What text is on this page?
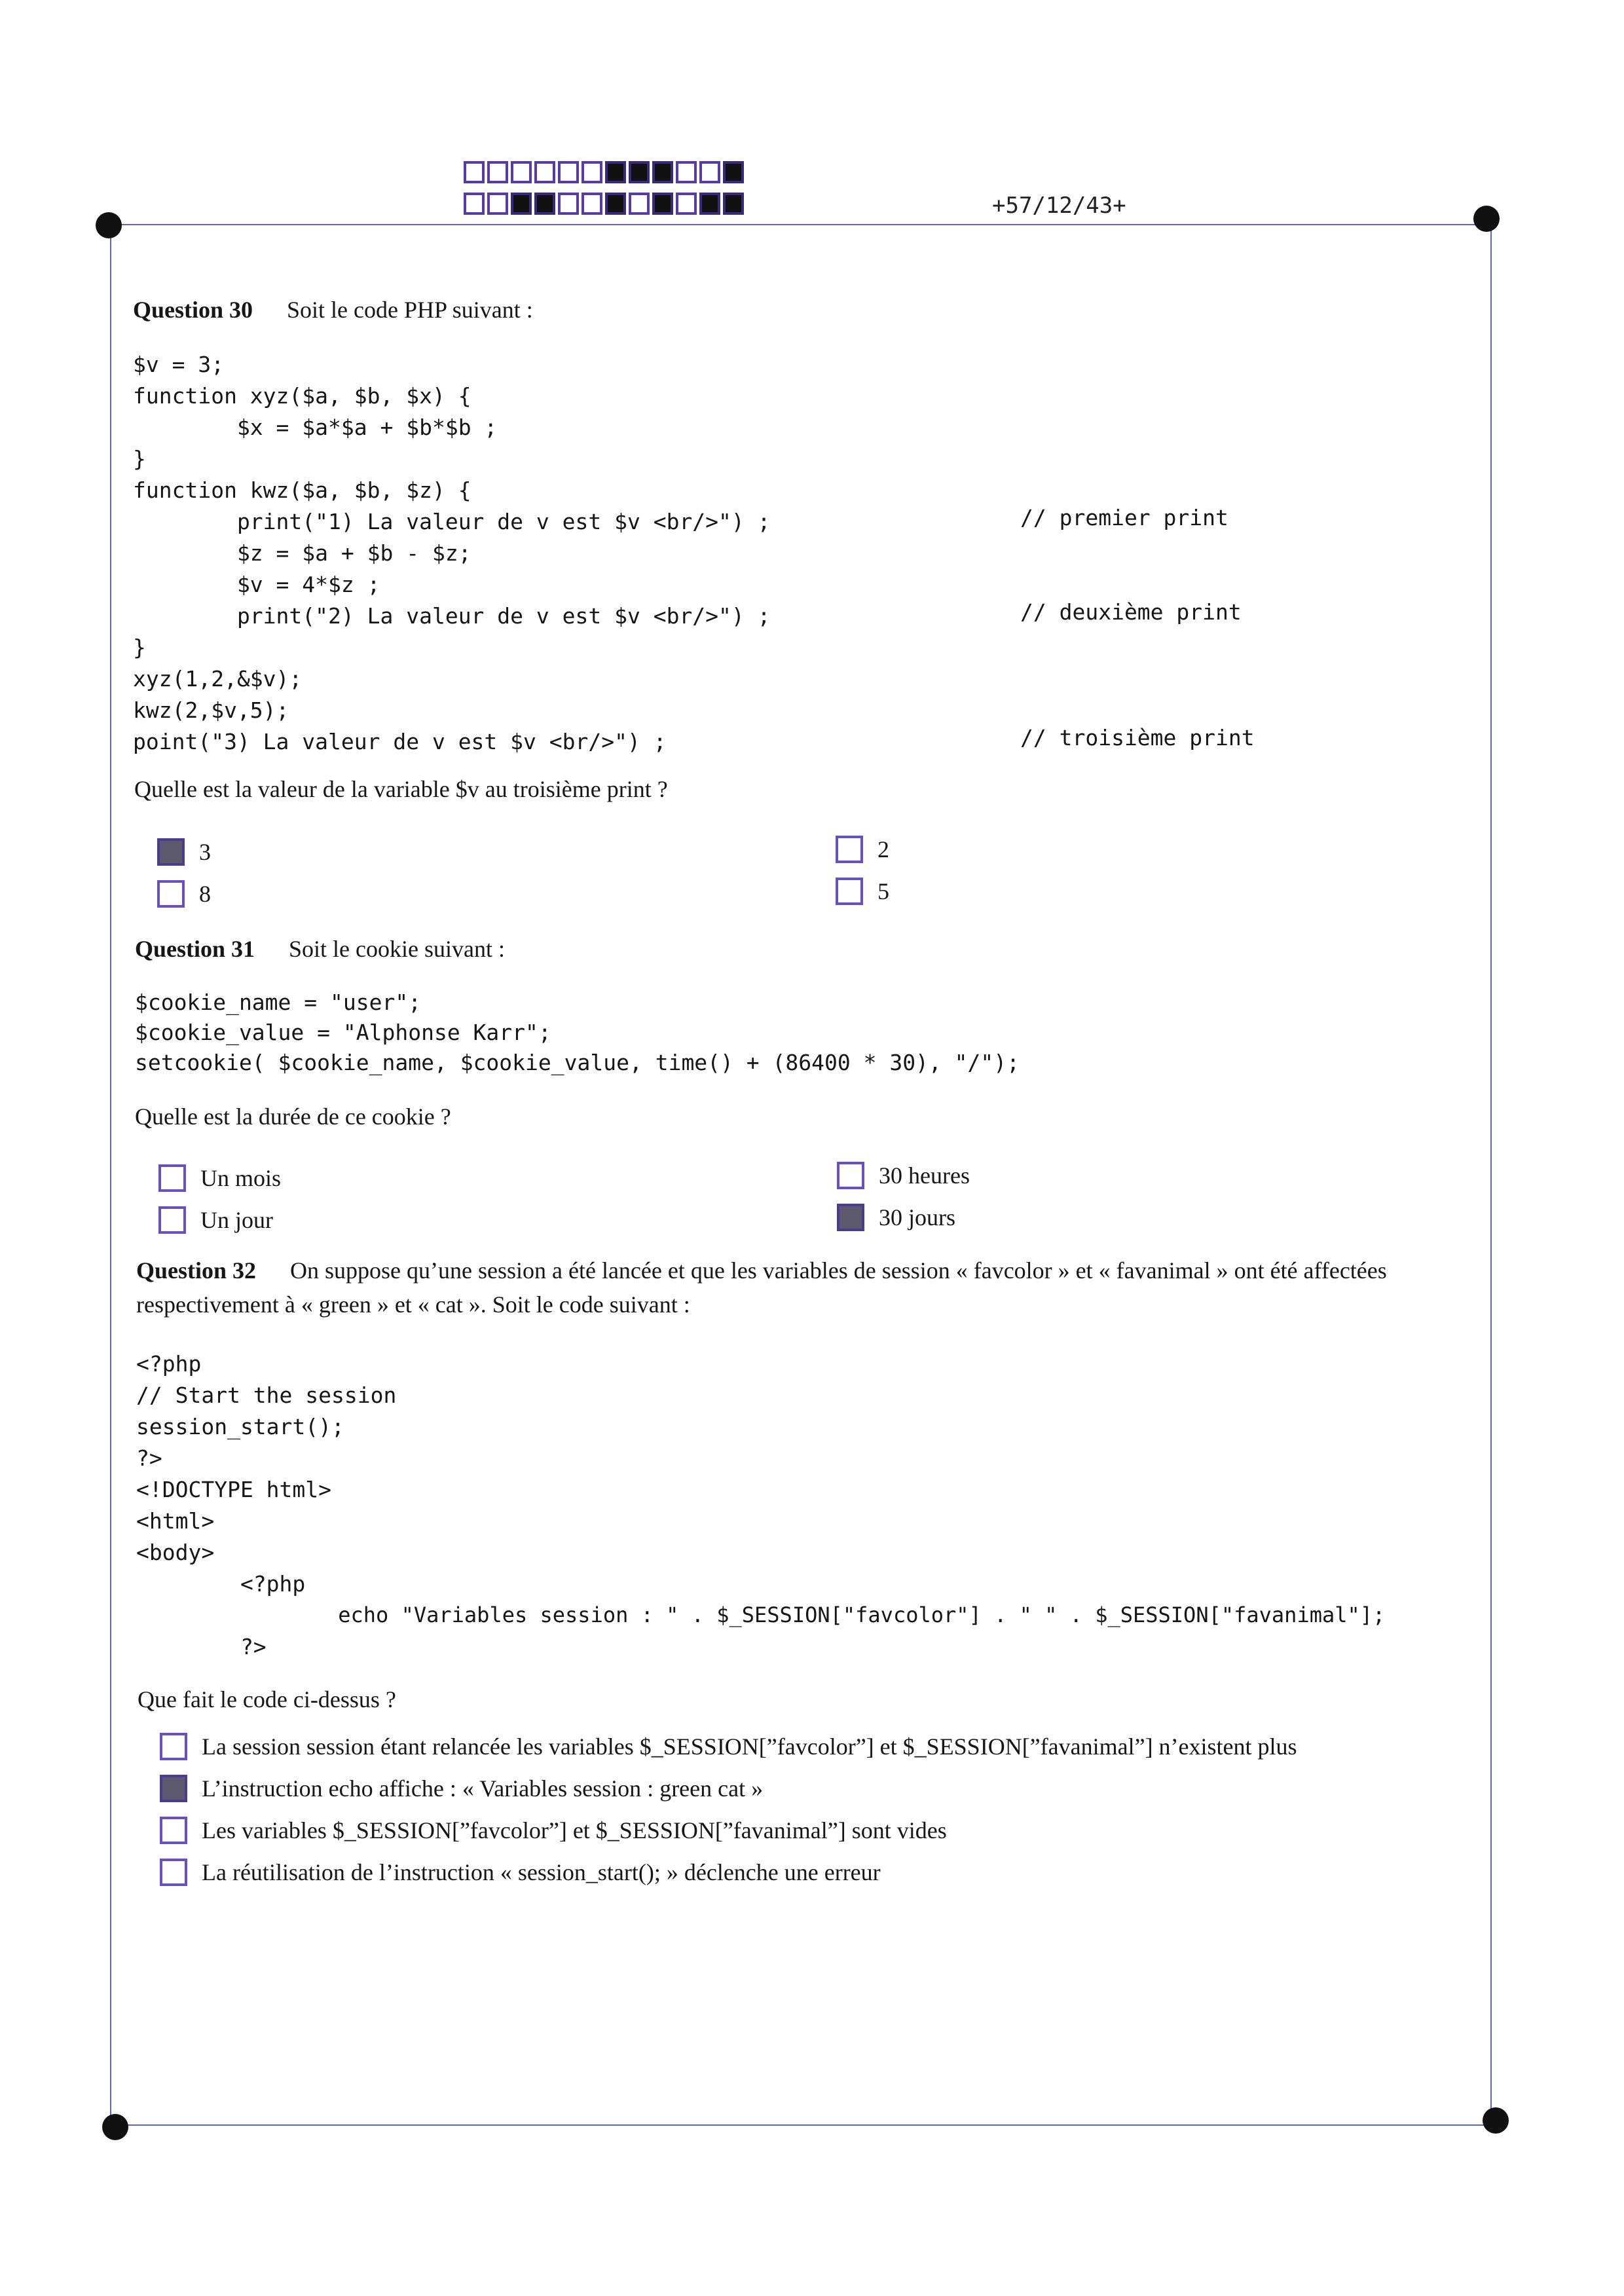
+57/12/43+
Question 30 Soit le code PHP suivant :
$v = 3;
function xyz($a, $b, $x) {
$x = $a*$a + $b*$b ;
}
function kwz($a, $b, $z) {
print("1) La valeur de v est $v <br/>") ;
$z = $a + $b - $z;
$v = 4*$z ;
print("2) La valeur de v est $v <br/>") ;
}
xyz(1,2,&$v);
kwz(2,$v,5);
point("3) La valeur de v est $v <br/>") ;
// premier print
// deuxième print
// troisième print
Quelle est la valeur de la variable $v au troisième print ?
3
8
2
5
Question 31 Soit le cookie suivant :
$cookie_name = "user";
$cookie_value = "Alphonse Karr";
setcookie( $cookie_name, $cookie_value, time() + (86400 * 30), "/");
Quelle est la durée de ce cookie ?
Un mois
Un jour
30 heures
30 jours
Question 32 On suppose qu’une session a été lancée et que les variables de session « favcolor » et « favanimal » ont été affectées respectivement à « green » et « cat ». Soit le code suivant :
<?php
// Start the session
session_start();
?>
<!DOCTYPE html>
<html>
<body>
<?php
echo "Variables session : " . $_SESSION["favcolor"] . " " . $_SESSION["favanimal"];
?>
Que fait le code ci-dessus ?
La session session étant relancée les variables $_SESSION[”favcolor”] et $_SESSION[”favanimal”] n’existent plus
L’instruction echo affiche : « Variables session : green cat »
Les variables $_SESSION[”favcolor”] et $_SESSION[”favanimal”] sont vides
La réutilisation de l’instruction « session_start(); » déclenche une erreur
